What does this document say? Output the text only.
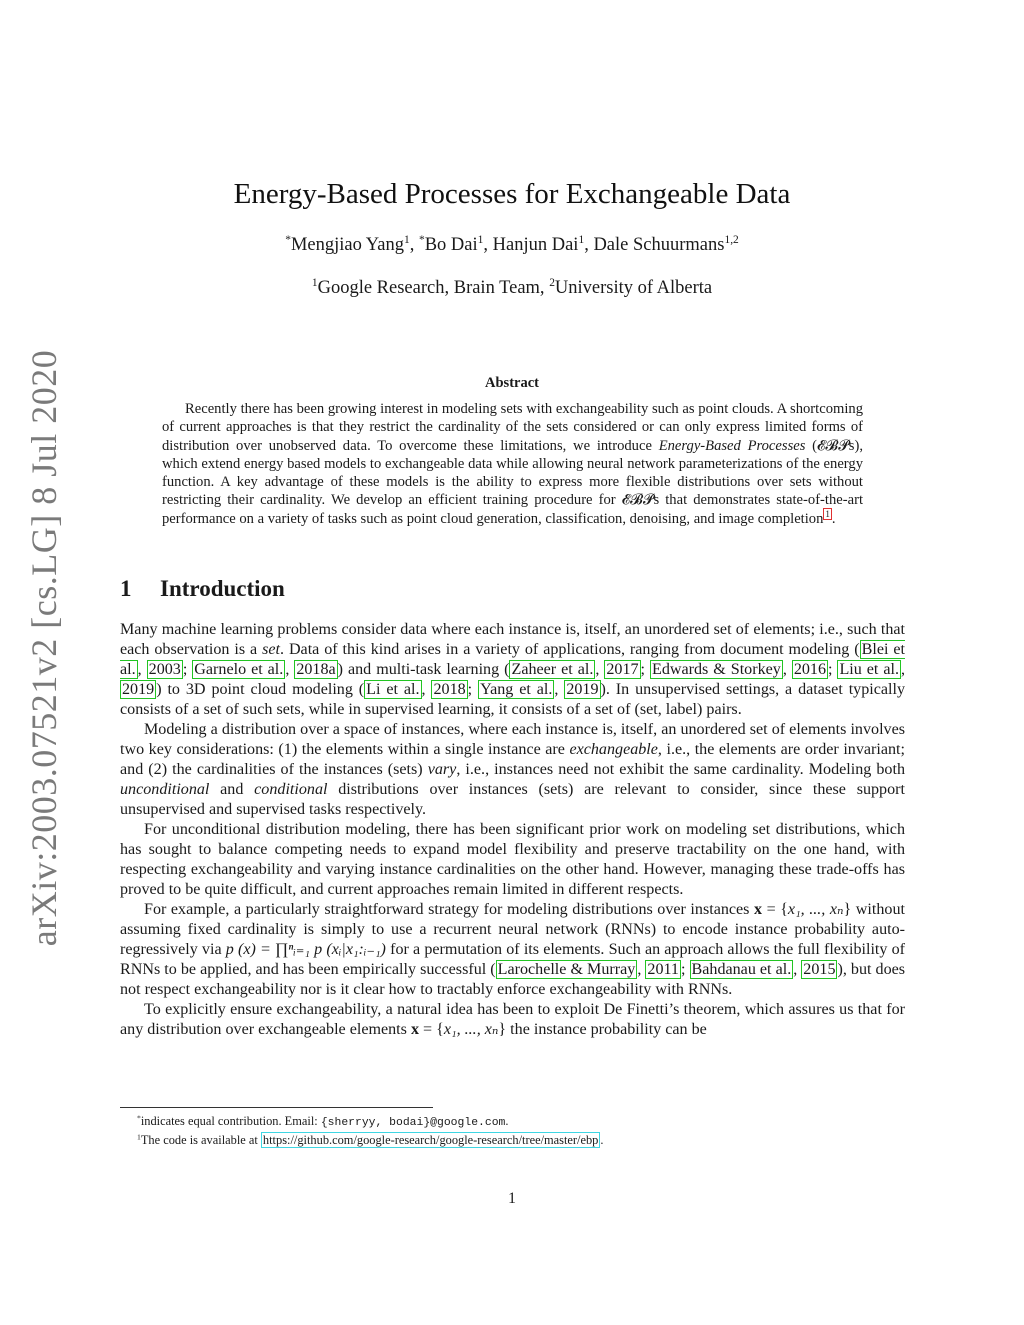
arXiv:2003.07521v2 [cs.LG] 8 Jul 2020
Energy-Based Processes for Exchangeable Data
*Mengjiao Yang$^1$, *Bo Dai$^1$, Hanjun Dai$^1$, Dale Schuurmans$^{1,2}$
$^1$Google Research, Brain Team, $^2$University of Alberta
Abstract

Recently there has been growing interest in modeling sets with exchangeability such as point clouds. A shortcoming of current approaches is that they restrict the cardinality of the sets considered or can only express limited forms of distribution over unobserved data. To overcome these limitations, we introduce Energy-Based Processes (𝓔𝓑𝓟s), which extend energy based models to exchangeable data while allowing neural network parameterizations of the energy function. A key advantage of these models is the ability to express more flexible distributions over sets without restricting their cardinality. We develop an efficient training procedure for 𝓔𝓑𝓟s that demonstrates state-of-the-art performance on a variety of tasks such as point cloud generation, classification, denoising, and image completion $^1$ .

1 Introduction

Many machine learning problems consider data where each instance is, itself, an unordered set of elements; i.e., such that each observation is a set. Data of this kind arises in a variety of applications, ranging from document modeling ( Blei et al. , 2003 ; Garnelo et al. , 2018a ) and multi-task learning ( Zaheer et al. , 2017 ; Edwards & Storkey , 2016 ; Liu et al. , 2019 ) to 3D point cloud modeling ( Li et al. , 2018 ; Yang et al. , 2019 ). In unsupervised settings, a dataset typically consists of a set of such sets, while in supervised learning, it consists of a set of (set, label) pairs.

Modeling a distribution over a space of instances, where each instance is, itself, an unordered set of elements involves two key considerations: (1) the elements within a single instance are exchangeable, i.e., the elements are order invariant; and (2) the cardinalities of the instances (sets) vary, i.e., instances need not exhibit the same cardinality. Modeling both unconditional and conditional distributions over instances (sets) are relevant to consider, since these support unsupervised and supervised tasks respectively.

For unconditional distribution modeling, there has been significant prior work on modeling set distributions, which has sought to balance competing needs to expand model flexibility and preserve tractability on the one hand, with respecting exchangeability and varying instance cardinalities on the other hand. However, managing these trade-offs has proved to be quite difficult, and current approaches remain limited in different respects.

For example, a particularly straightforward strategy for modeling distributions over instances x = {x₁, ..., xₙ} without assuming fixed cardinality is simply to use a recurrent neural network (RNNs) to encode instance probability auto-regressively via p (x) = ∏ⁿᵢ₌₁ p (xᵢ|x₁:ᵢ₋₁) for a permutation of its elements. Such an approach allows the full flexibility of RNNs to be applied, and has been empirically successful ( Larochelle & Murray , 2011 ; Bahdanau et al. , 2015 ), but does not respect exchangeability nor is it clear how to tractably enforce exchangeability with RNNs.

To explicitly ensure exchangeability, a natural idea has been to exploit De Finetti’s theorem, which assures us that for any distribution over exchangeable elements x = {x₁, ..., xₙ} the instance probability can be

*indicates equal contribution. Email: {sherryy, bodai}@google.com.
$^1$The code is available at https://github.com/google-research/google-research/tree/master/ebp .
1
